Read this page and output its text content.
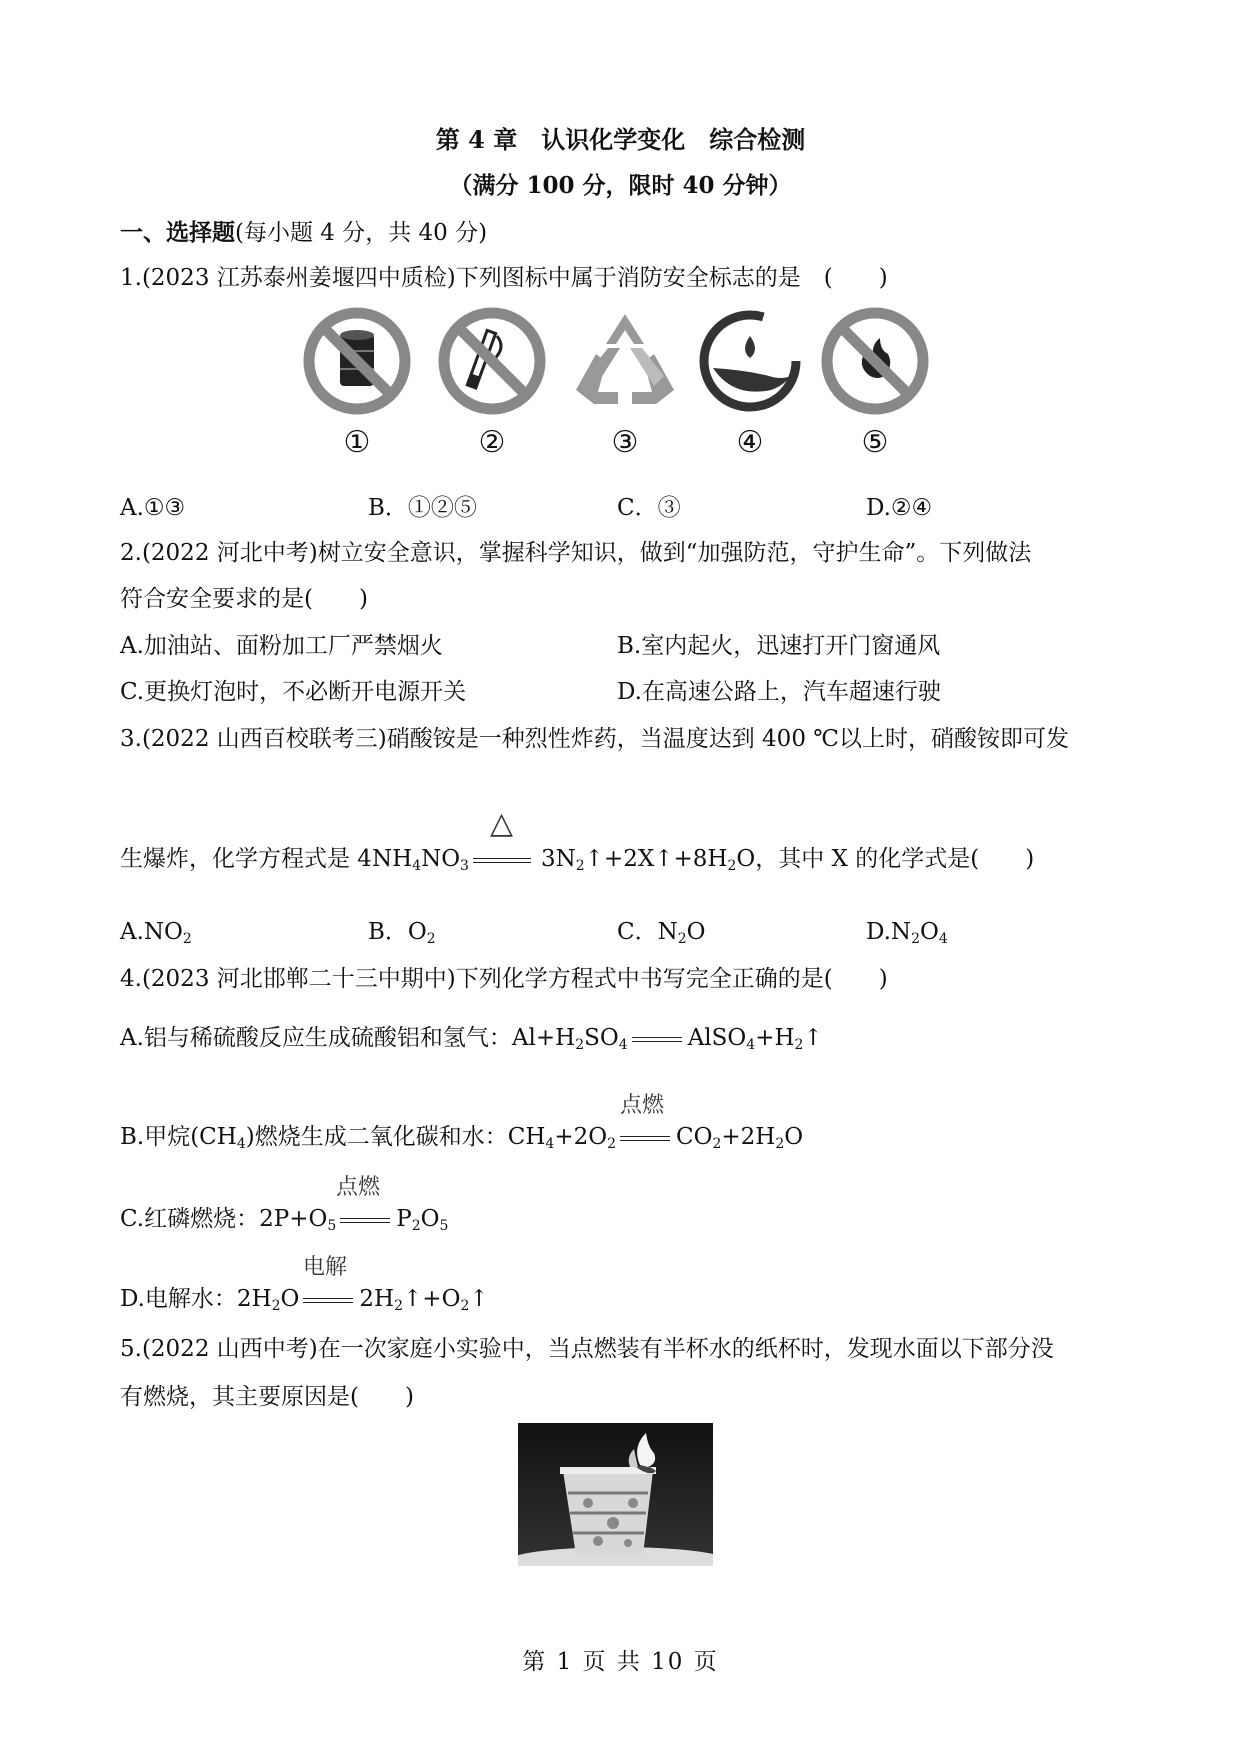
第 4 章　认识化学变化　综合检测
（满分 100 分，限时 40 分钟）
一、选择题(每小题 4 分，共 40 分)
1.(2023 江苏泰州姜堰四中质检)下列图标中属于消防安全标志的是　(　　)
①	②	③	④	⑤
A.①③	B．①②⑤	C．③	D.②④
2.(2022 河北中考)树立安全意识，掌握科学知识，做到“加强防范，守护生命”。下列做法
符合安全要求的是(　　)
A.加油站、面粉加工厂严禁烟火	B.室内起火，迅速打开门窗通风
C.更换灯泡时，不必断开电源开关	D.在高速公路上，汽车超速行驶
3.(2022 山西百校联考三)硝酸铵是一种烈性炸药，当温度达到 400 ℃以上时，硝酸铵即可发
△
生爆炸，化学方程式是 $4NH_4NO_3$	$3N_2↑+2X↑+8H_2O$，其中 X 的化学式是(　　)
$A.NO_2$	B．$O_2$	C．$N_2O$	$D.N_2O_4$
4.(2023 河北邯郸二十三中期中)下列化学方程式中书写完全正确的是(　　)
A.铝与稀硫酸反应生成硫酸铝和氢气：$Al+H_2SO_4$	$AlSO_4+H_2↑$
点燃
B.甲烷$(CH_4)$燃烧生成二氧化碳和水：$CH_4+2O_2$	$CO_2+2H_2O$
点燃
C.红磷燃烧：$2P+O_5$	$P_2O_5$
电解
D.电解水：$2H_2O$	$2H_2↑+O_2↑$
5.(2022 山西中考)在一次家庭小实验中，当点燃装有半杯水的纸杯时，发现水面以下部分没
有燃烧，其主要原因是(　　)
第 1 页 共 10 页
